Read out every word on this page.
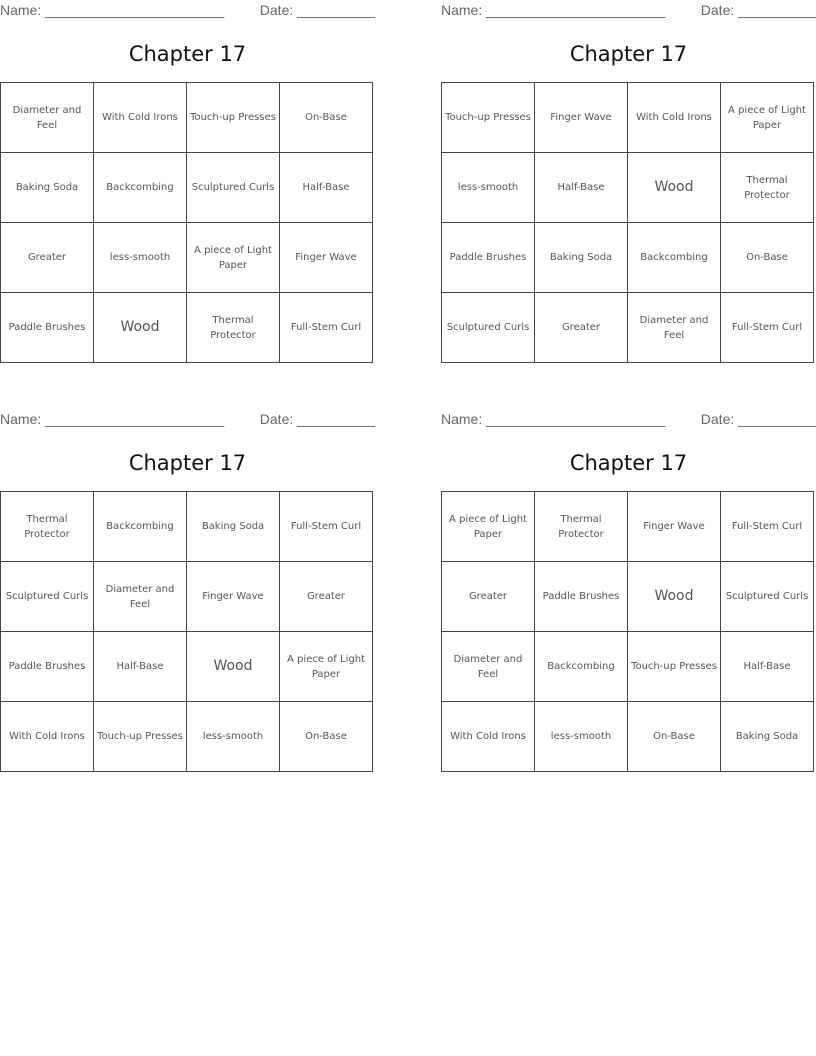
Name: _______________________	Date: __________
Chapter 17
Diameter and Feel	With Cold Irons	Touch-up Presses	On-Base
Baking Soda	Backcombing	Sculptured Curls	Half-Base
Greater	less-smooth	A piece of Light Paper	Finger Wave
Paddle Brushes	Wood	Thermal Protector	Full-Stem Curl
Name: _______________________	Date: __________
Chapter 17
Touch-up Presses	Finger Wave	With Cold Irons	A piece of Light Paper
less-smooth	Half-Base	Wood	Thermal Protector
Paddle Brushes	Baking Soda	Backcombing	On-Base
Sculptured Curls	Greater	Diameter and Feel	Full-Stem Curl
Name: _______________________	Date: __________
Chapter 17
Thermal Protector	Backcombing	Baking Soda	Full-Stem Curl
Sculptured Curls	Diameter and Feel	Finger Wave	Greater
Paddle Brushes	Half-Base	Wood	A piece of Light Paper
With Cold Irons	Touch-up Presses	less-smooth	On-Base
Name: _______________________	Date: __________
Chapter 17
A piece of Light Paper	Thermal Protector	Finger Wave	Full-Stem Curl
Greater	Paddle Brushes	Wood	Sculptured Curls
Diameter and Feel	Backcombing	Touch-up Presses	Half-Base
With Cold Irons	less-smooth	On-Base	Baking Soda
